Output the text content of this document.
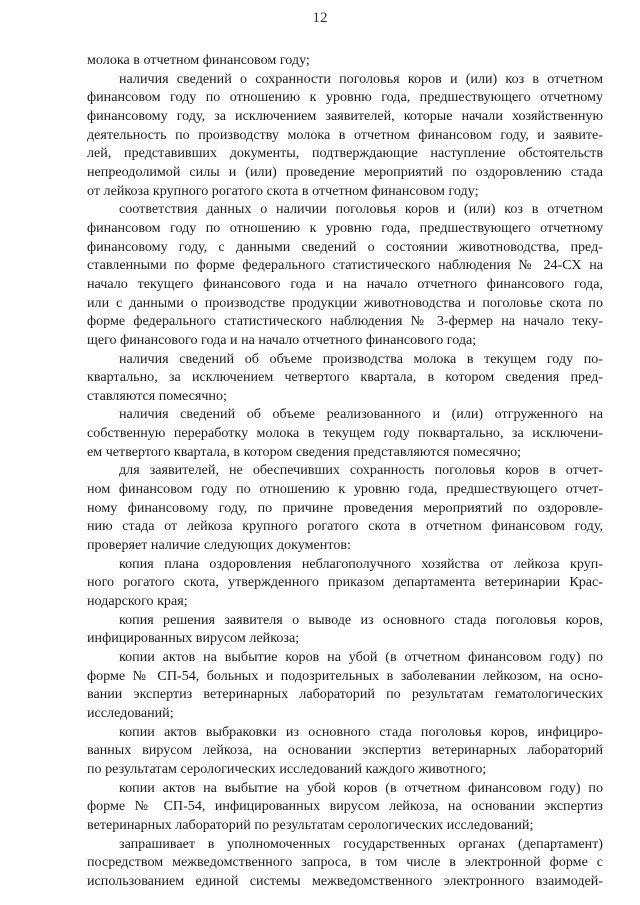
12
молока в отчетном финансовом году;
наличия сведений о сохранности поголовья коров и (или) коз в отчетном
финансовом году по отношению к уровню года, предшествующего отчетному
финансовому году, за исключением заявителей, которые начали хозяйственную
деятельность по производству молока в отчетном финансовом году, и заявите-
лей, представивших документы, подтверждающие наступление обстоятельств
непреодолимой силы и (или) проведение мероприятий по оздоровлению стада
от лейкоза крупного рогатого скота в отчетном финансовом году;
соответствия данных о наличии поголовья коров и (или) коз в отчетном
финансовом году по отношению к уровню года, предшествующего отчетному
финансовому году, с данными сведений о состоянии животноводства, пред-
ставленными по форме федерального статистического наблюдения № 24-СХ на
начало текущего финансового года и на начало отчетного финансового года,
или с данными о производстве продукции животноводства и поголовье скота по
форме федерального статистического наблюдения № 3-фермер на начало теку-
щего финансового года и на начало отчетного финансового года;
наличия сведений об объеме производства молока в текущем году по-
квартально, за исключением четвертого квартала, в котором сведения пред-
ставляются помесячно;
наличия сведений об объеме реализованного и (или) отгруженного на
собственную переработку молока в текущем году поквартально, за исключени-
ем четвертого квартала, в котором сведения представляются помесячно;
для заявителей, не обеспечивших сохранность поголовья коров в отчет-
ном финансовом году по отношению к уровню года, предшествующего отчет-
ному финансовому году, по причине проведения мероприятий по оздоровле-
нию стада от лейкоза крупного рогатого скота в отчетном финансовом году,
проверяет наличие следующих документов:
копия плана оздоровления неблагополучного хозяйства от лейкоза круп-
ного рогатого скота, утвержденного приказом департамента ветеринарии Крас-
нодарского края;
копия решения заявителя о выводе из основного стада поголовья коров,
инфицированных вирусом лейкоза;
копии актов на выбытие коров на убой (в отчетном финансовом году) по
форме № СП-54, больных и подозрительных в заболевании лейкозом, на осно-
вании экспертиз ветеринарных лабораторий по результатам гематологических
исследований;
копии актов выбраковки из основного стада поголовья коров, инфициро-
ванных вирусом лейкоза, на основании экспертиз ветеринарных лабораторий
по результатам серологических исследований каждого животного;
копии актов на выбытие на убой коров (в отчетном финансовом году) по
форме № СП-54, инфицированных вирусом лейкоза, на основании экспертиз
ветеринарных лабораторий по результатам серологических исследований;
запрашивает в уполномоченных государственных органах (департамент)
посредством межведомственного запроса, в том числе в электронной форме с
использованием единой системы межведомственного электронного взаимодей-
